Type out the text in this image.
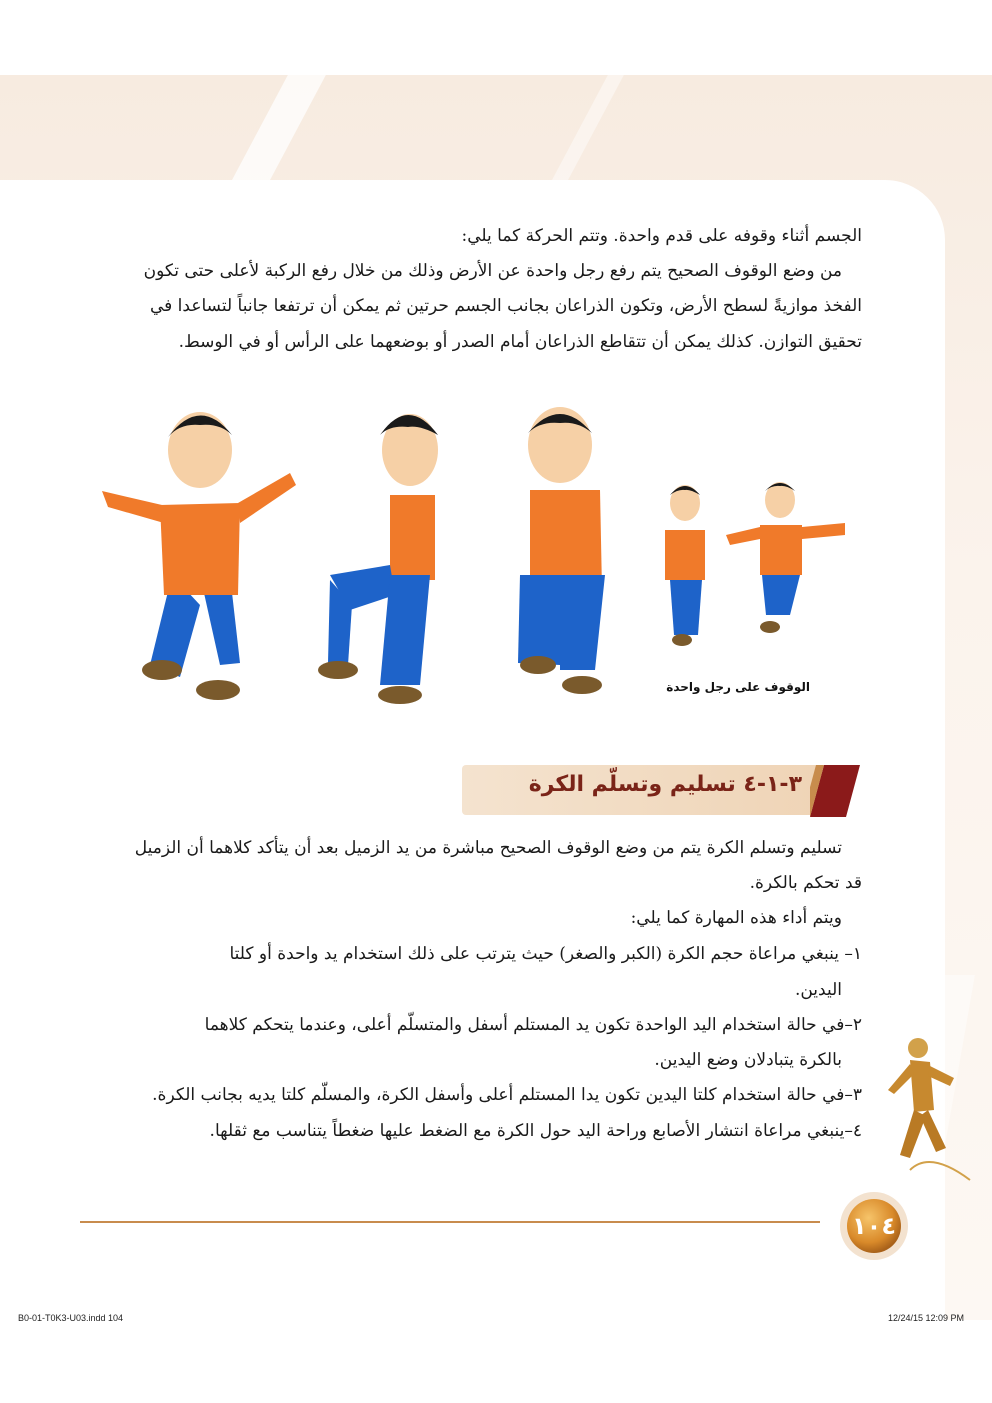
الجسم أثناء وقوفه على قدم واحدة. وتتم الحركة كما يلي:
من وضع الوقوف الصحيح يتم رفع رجل واحدة عن الأرض وذلك من خلال رفع الركبة لأعلى حتى تكون
الفخذ موازيةً لسطح الأرض، وتكون الذراعان بجانب الجسم حرتين ثم يمكن أن ترتفعا جانباً لتساعدا في
تحقيق التوازن. كذلك يمكن أن تتقاطع الذراعان أمام الصدر أو بوضعهما على الرأس أو في الوسط.
الوقوف على رجل واحدة
٣-١-٤ تسليم وتسلّم الكرة
تسليم وتسلم الكرة يتم من وضع الوقوف الصحيح مباشرة من يد الزميل بعد أن يتأكد كلاهما أن الزميل
قد تحكم بالكرة.
ويتم أداء هذه المهارة كما يلي:
١– ينبغي مراعاة حجم الكرة (الكبر والصغر) حيث يترتب على ذلك استخدام يد واحدة أو كلتا
اليدين.
٢–في حالة استخدام اليد الواحدة تكون يد المستلم أسفل والمتسلّم أعلى، وعندما يتحكم كلاهما
بالكرة يتبادلان وضع اليدين.
٣–في حالة استخدام كلتا اليدين تكون يدا المستلم أعلى وأسفل الكرة، والمسلّم كلتا يديه بجانب الكرة.
٤–ينبغي مراعاة انتشار الأصابع وراحة اليد حول الكرة مع الضغط عليها ضغطاً يتناسب مع ثقلها.
١٠٤
B0-01-T0K3-U03.indd 104	12/24/15 12:09 PM
